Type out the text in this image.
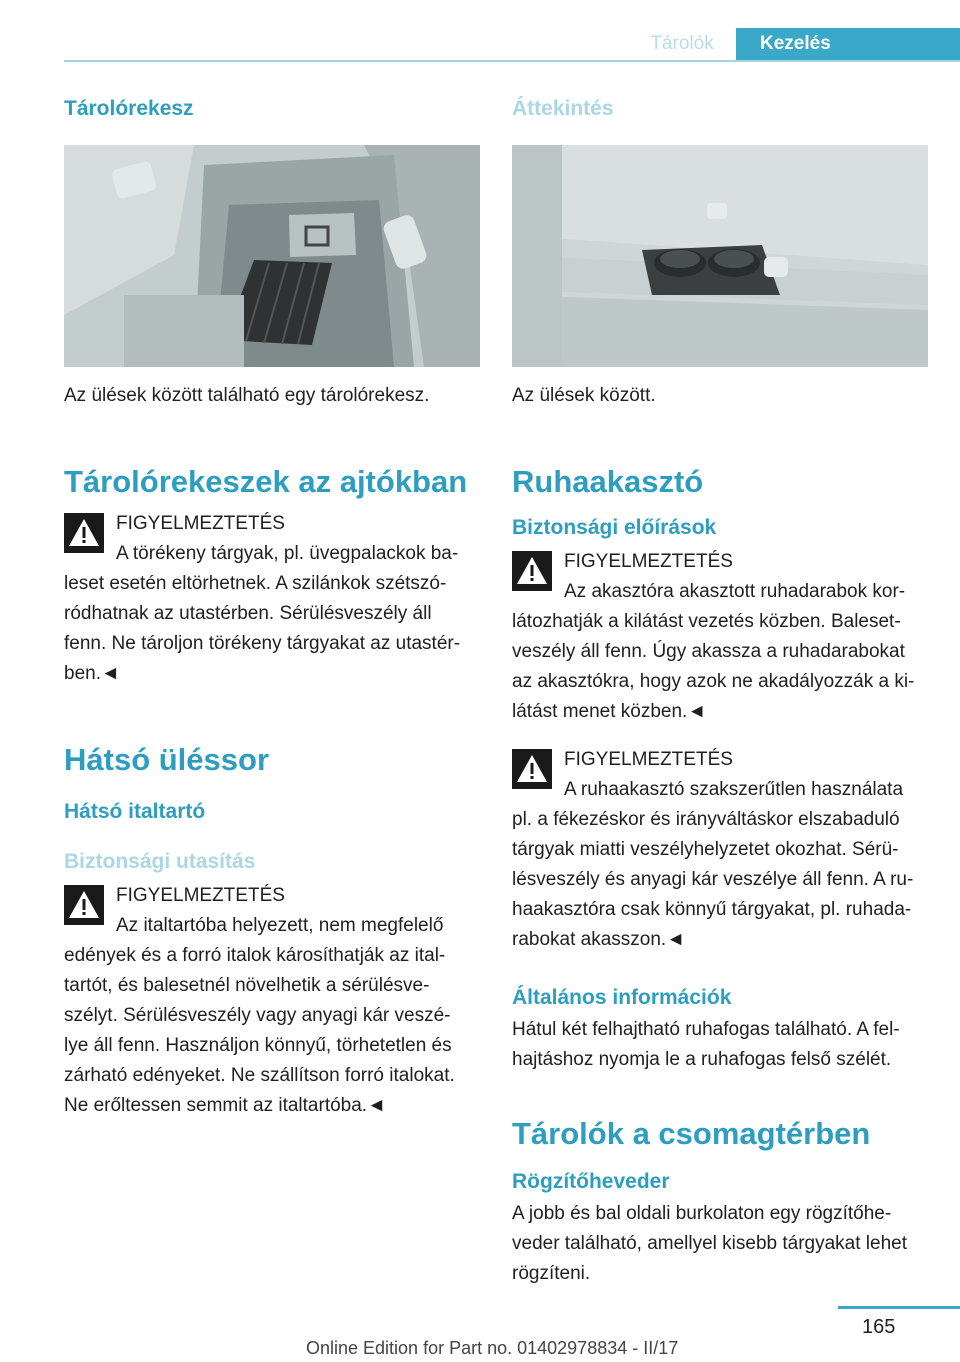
Tárolók	Kezelés
Tárolórekesz

Az ülések között található egy tárolórekesz.

Tárolórekeszek az ajtókban

FIGYELMEZTETÉS

A törékeny tárgyak, pl. üvegpalackok ba-

leset esetén eltörhetnek. A szilánkok szétszó-

ródhatnak az utastérben. Sérülésveszély áll

fenn. Ne tároljon törékeny tárgyakat az utastér-

ben.◄

Hátsó üléssor
Hátsó italtartó
Biztonsági utasítás

FIGYELMEZTETÉS

Az italtartóba helyezett, nem megfelelő

edények és a forró italok károsíthatják az ital-

tartót, és balesetnél növelhetik a sérülésve-

szélyt. Sérülésveszély vagy anyagi kár veszé-

lye áll fenn. Használjon könnyű, törhetetlen és

zárható edényeket. Ne szállítson forró italokat.

Ne erőltessen semmit az italtartóba.◄

Áttekintés

Az ülések között.

Ruhaakasztó
Biztonsági előírások

FIGYELMEZTETÉS

Az akasztóra akasztott ruhadarabok kor-

látozhatják a kilátást vezetés közben. Baleset-

veszély áll fenn. Úgy akassza a ruhadarabokat

az akasztókra, hogy azok ne akadályozzák a ki-

látást menet közben.◄

FIGYELMEZTETÉS

A ruhaakasztó szakszerűtlen használata

pl. a fékezéskor és irányváltáskor elszabaduló

tárgyak miatti veszélyhelyzetet okozhat. Sérü-

lésveszély és anyagi kár veszélye áll fenn. A ru-

haakasztóra csak könnyű tárgyakat, pl. ruhada-

rabokat akasszon.◄

Általános információk

Hátul két felhajtható ruhafogas található. A fel-

hajtáshoz nyomja le a ruhafogas felső szélét.

Tárolók a csomagtérben
Rögzítőheveder

A jobb és bal oldali burkolaton egy rögzítőhe-

veder található, amellyel kisebb tárgyakat lehet

rögzíteni.

165
Online Edition for Part no. 01402978834 - II/17
